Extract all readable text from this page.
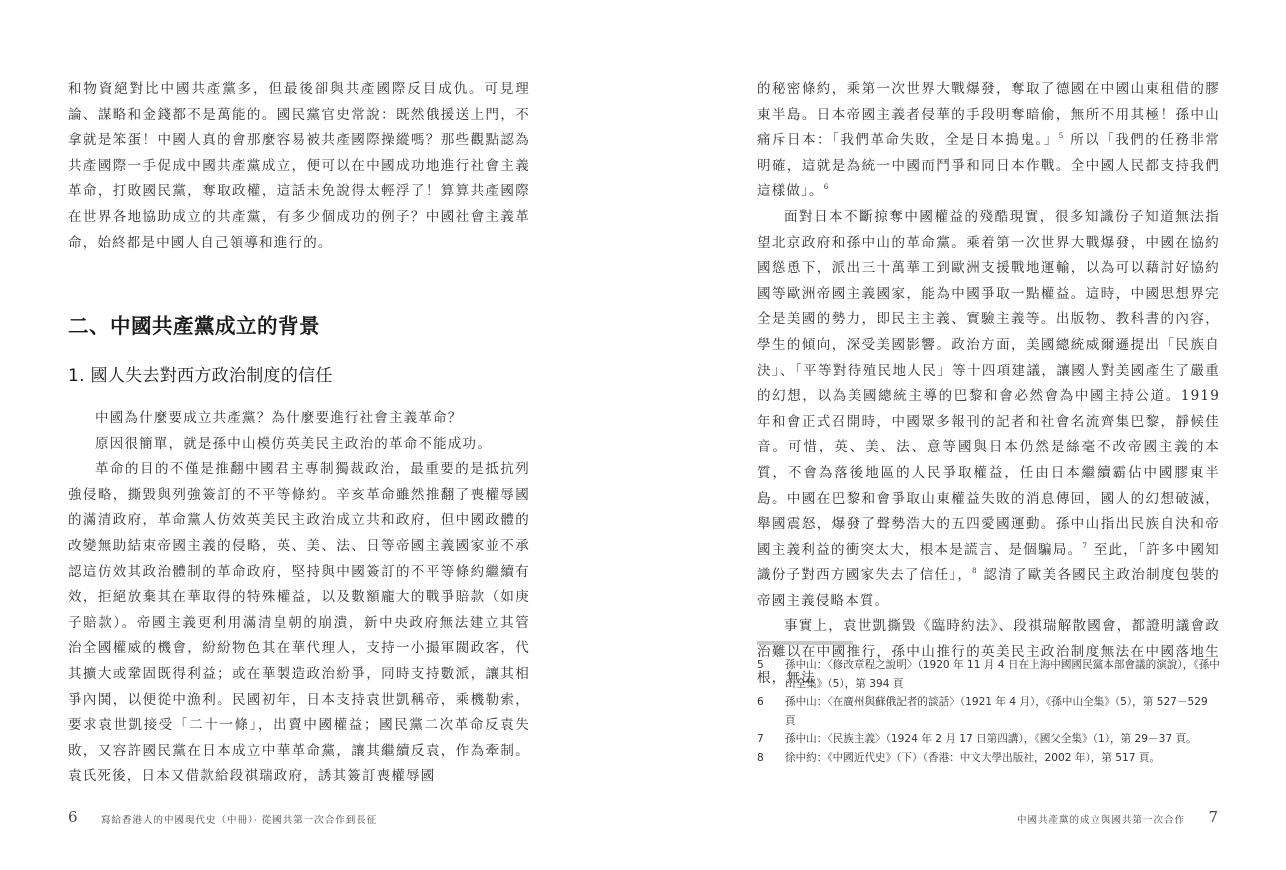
和物資絕對比中國共產黨多，但最後卻與共產國際反目成仇。可見理論、謀略和金錢都不是萬能的。國民黨官史常說：既然俄援送上門，不拿就是笨蛋！中國人真的會那麼容易被共產國際操縱嗎？那些觀點認為共產國際一手促成中國共產黨成立，便可以在中國成功地進行社會主義革命，打敗國民黨，奪取政權，這話未免說得太輕浮了！算算共產國際在世界各地協助成立的共產黨，有多少個成功的例子？中國社會主義革命，始終都是中國人自己領導和進行的。

二、中國共產黨成立的背景
1. 國人失去對西方政治制度的信任

中國為什麼要成立共產黨？為什麼要進行社會主義革命？

原因很簡單，就是孫中山模仿英美民主政治的革命不能成功。

革命的目的不僅是推翻中國君主專制獨裁政治，最重要的是抵抗列強侵略，撕毀與列強簽訂的不平等條約。辛亥革命雖然推翻了喪權辱國的滿清政府，革命黨人仿效英美民主政治成立共和政府，但中國政體的改變無助結束帝國主義的侵略，英、美、法、日等帝國主義國家並不承認這仿效其政治體制的革命政府，堅持與中國簽訂的不平等條約繼續有效，拒絕放棄其在華取得的特殊權益，以及數額龐大的戰爭賠款（如庚子賠款）。帝國主義更利用滿清皇朝的崩潰，新中央政府無法建立其管治全國權威的機會，紛紛物色其在華代理人，支持一小撮軍閥政客，代其擴大或鞏固既得利益；或在華製造政治紛爭，同時支持數派，讓其相爭內鬨，以便從中漁利。民國初年，日本支持袁世凱稱帝，乘機勒索，要求袁世凱接受「二十一條」，出賣中國權益；國民黨二次革命反袁失敗，又容許國民黨在日本成立中華革命黨，讓其繼續反袁，作為牽制。袁氏死後，日本又借款給段祺瑞政府，誘其簽訂喪權辱國

6 寫給香港人的中國現代史（中冊）· 從國共第一次合作到長征

的秘密條約，乘第一次世界大戰爆發，奪取了德國在中國山東租借的膠東半島。日本帝國主義者侵華的手段明奪暗偷，無所不用其極！孫中山痛斥日本：「我們革命失敗，全是日本搗鬼。」$^5$ 所以「我們的任務非常明確，這就是為統一中國而鬥爭和同日本作戰。全中國人民都支持我們這樣做」。$^6$

面對日本不斷掠奪中國權益的殘酷現實，很多知識份子知道無法指望北京政府和孫中山的革命黨。乘着第一次世界大戰爆發，中國在協約國慫恿下，派出三十萬華工到歐洲支援戰地運輸，以為可以藉討好協約國等歐洲帝國主義國家，能為中國爭取一點權益。這時，中國思想界完全是美國的勢力，即民主主義、實驗主義等。出版物、教科書的內容，學生的傾向，深受美國影響。政治方面，美國總統威爾遜提出「民族自決」、「平等對待殖民地人民」等十四項建議，讓國人對美國產生了嚴重的幻想，以為美國總統主導的巴黎和會必然會為中國主持公道。1919 年和會正式召開時，中國眾多報刊的記者和社會名流齊集巴黎，靜候佳音。可惜，英、美、法、意等國與日本仍然是絲毫不改帝國主義的本質，不會為落後地區的人民爭取權益，任由日本繼續霸佔中國膠東半島。中國在巴黎和會爭取山東權益失敗的消息傳回，國人的幻想破滅，舉國震怒，爆發了聲勢浩大的五四愛國運動。孫中山指出民族自決和帝國主義利益的衝突太大，根本是謊言、是個騙局。$^7$ 至此，「許多中國知識份子對西方國家失去了信任」，$^8$ 認清了歐美各國民主政治制度包裝的帝國主義侵略本質。

事實上，袁世凱撕毀《臨時約法》、段祺瑞解散國會，都證明議會政治難以在中國推行，孫中山推行的英美民主政治制度無法在中國落地生根，無法

5	孫中山：〈修改章程之說明〉（1920 年 11 月 4 日在上海中國國民黨本部會議的演說），《孫中山全集》（5），第 394 頁
6	孫中山：〈在廣州與蘇俄記者的談話〉（1921 年 4 月），《孫中山全集》（5），第 527－529 頁
7	孫中山：〈民族主義〉（1924 年 2 月 17 日第四講），《國父全集》（1），第 29－37 頁。
8	徐中約：《中國近代史》（下）（香港：中文大學出版社，2002 年），第 517 頁。
中國共產黨的成立與國共第一次合作 7
